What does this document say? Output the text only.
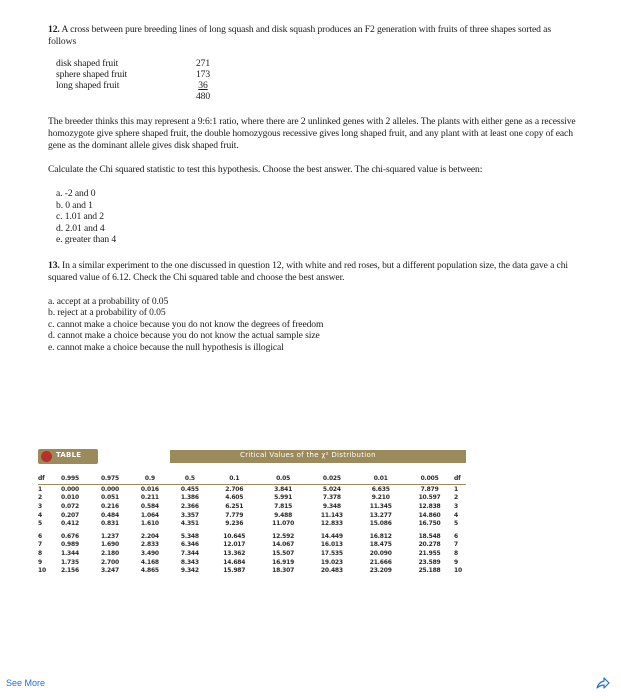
12. A cross between pure breeding lines of long squash and disk squash produces an F2 generation with fruits of three shapes sorted as follows

disk shaped fruit	271
sphere shaped fruit	173
long shaped fruit	36
480

The breeder thinks this may represent a 9:6:1 ratio, where there are 2 unlinked genes with 2 alleles. The plants with either gene as a recessive homozygote give sphere shaped fruit, the double homozygous recessive gives long shaped fruit, and any plant with at least one copy of each gene as the dominant allele gives disk shaped fruit.

Calculate the Chi squared statistic to test this hypothesis. Choose the best answer. The chi-squared value is between:

a. -2 and 0
b. 0 and 1
c. 1.01 and 2
d. 2.01 and 4
e. greater than 4

13. In a similar experiment to the one discussed in question 12, with white and red roses, but a different population size, the data gave a chi squared value of 6.12. Check the Chi squared table and choose the best answer.

a. accept at a probability of 0.05
b. reject at a probability of 0.05
c. cannot make a choice because you do not know the degrees of freedom
d. cannot make a choice because you do not know the actual sample size
e. cannot make a choice because the null hypothesis is illogical
TABLE	Critical Values of the χ² Distribution
df	0.995	0.975	0.9	0.5	0.1	0.05	0.025	0.01	0.005	df
1	0.000	0.000	0.016	0.455	2.706	3.841	5.024	6.635	7.879	1
2	0.010	0.051	0.211	1.386	4.605	5.991	7.378	9.210	10.597	2
3	0.072	0.216	0.584	2.366	6.251	7.815	9.348	11.345	12.838	3
4	0.207	0.484	1.064	3.357	7.779	9.488	11.143	13.277	14.860	4
5	0.412	0.831	1.610	4.351	9.236	11.070	12.833	15.086	16.750	5

6	0.676	1.237	2.204	5.348	10.645	12.592	14.449	16.812	18.548	6
7	0.989	1.690	2.833	6.346	12.017	14.067	16.013	18.475	20.278	7
8	1.344	2.180	3.490	7.344	13.362	15.507	17.535	20.090	21.955	8
9	1.735	2.700	4.168	8.343	14.684	16.919	19.023	21.666	23.589	9
10	2.156	3.247	4.865	9.342	15.987	18.307	20.483	23.209	25.188	10
See More
